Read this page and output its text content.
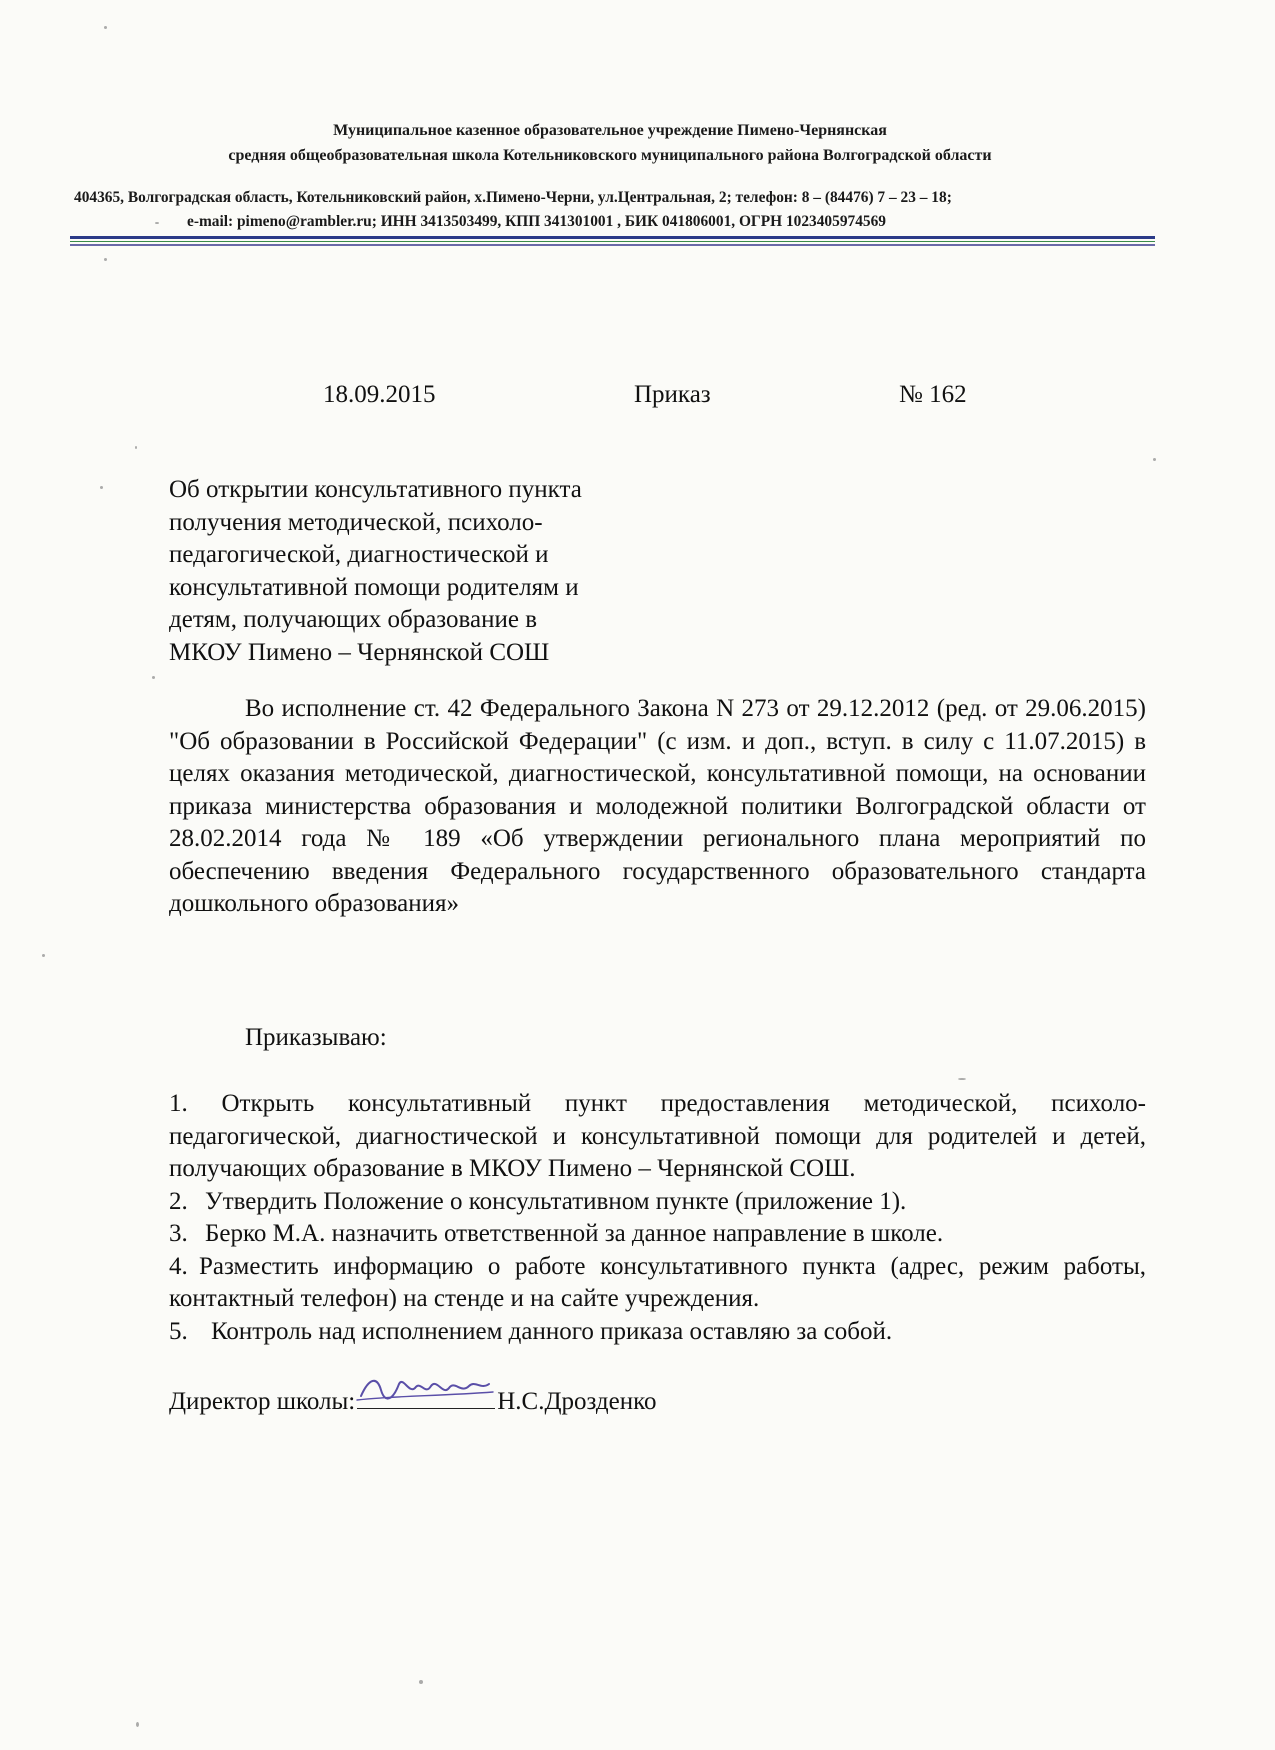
Муниципальное казенное образовательное учреждение Пимено-Чернянская
средняя общеобразовательная школа Котельниковского муниципального района Волгоградской области
404365, Волгоградская область, Котельниковский район, х.Пимено-Черни, ул.Центральная, 2; телефон: 8 – (84476) 7 – 23 – 18;
e-mail: pimeno@rambler.ru; ИНН 3413503499, КПП 341301001 , БИК 041806001, ОГРН 1023405974569
18.09.2015	Приказ	№ 162
Об открытии консультативного пункта
получения методической, психоло-
педагогической, диагностической и
консультативной помощи родителям и
детям, получающих образование в
МКОУ Пимено – Чернянской СОШ

Во исполнение ст. 42 Федерального Закона N 273 от 29.12.2012 (ред. от 29.06.2015) "Об образовании в Российской Федерации" (с изм. и доп., вступ. в силу с 11.07.2015) в целях оказания методической, диагностической, консультативной помощи, на основании приказа министерства образования и молодежной политики Волгоградской области от 28.02.2014 года № 189 «Об утверждении регионального плана мероприятий по обеспечению введения Федерального государственного образовательного стандарта дошкольного образования»

Приказываю:
1. Открыть консультативный пункт предоставления методической, психоло-педагогической, диагностической и консультативной помощи для родителей и детей, получающих образование в МКОУ Пимено – Чернянской СОШ.
2. Утвердить Положение о консультативном пункте (приложение 1).
3. Берко М.А. назначить ответственной за данное направление в школе.
4. Разместить информацию о работе консультативного пункта (адрес, режим работы, контактный телефон) на стенде и на сайте учреждения.
5. Контроль над исполнением данного приказа оставляю за собой.
Директор школы:	Н.С.Дрозденко
